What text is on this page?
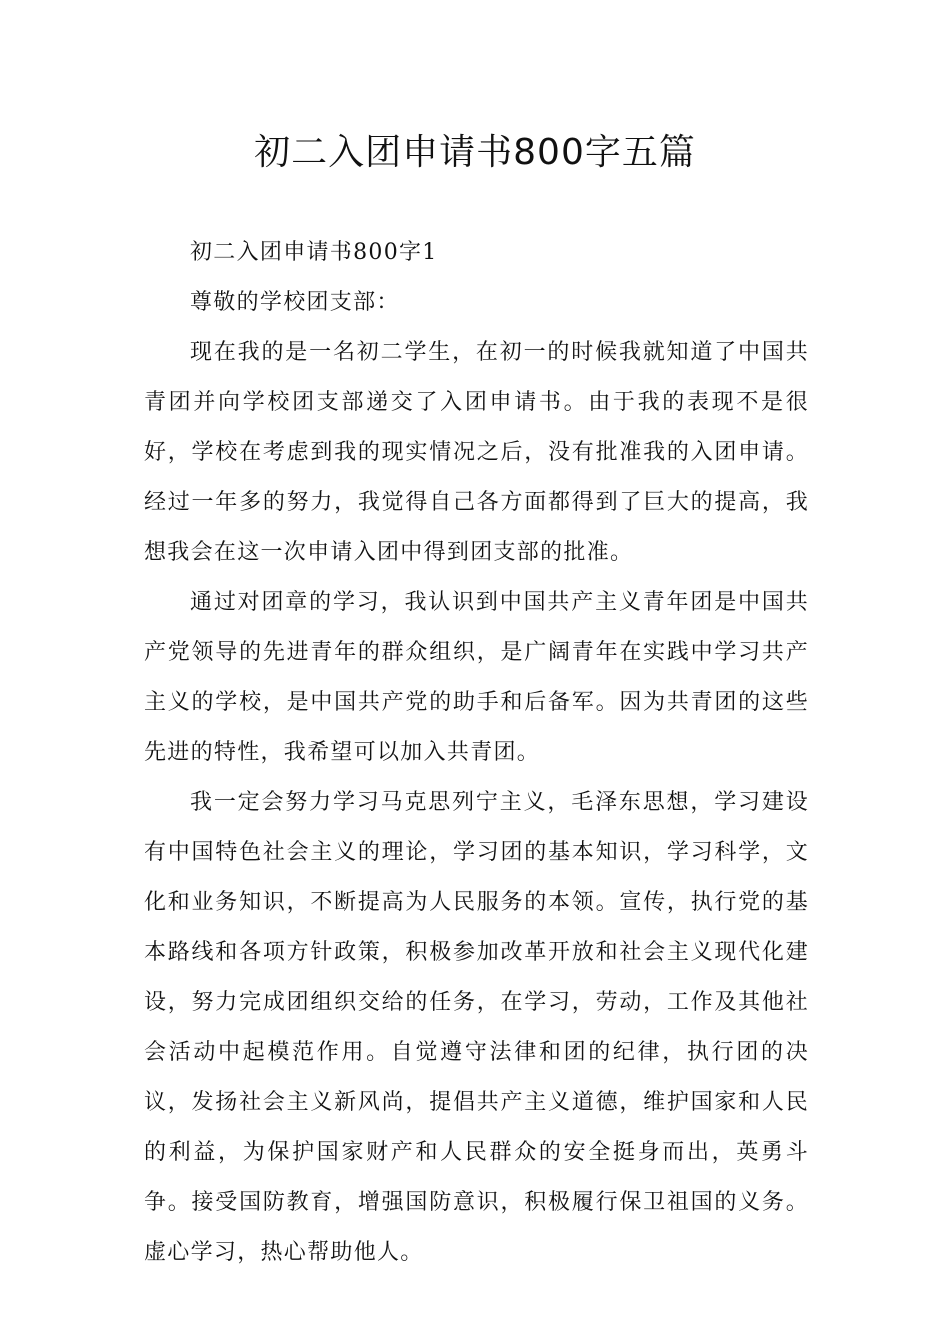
初二入团申请书800字五篇

初二入团申请书800字1

尊敬的学校团支部：

现在我的是一名初二学生，在初一的时候我就知道了中国共青团并向学校团支部递交了入团申请书。由于我的表现不是很好，学校在考虑到我的现实情况之后，没有批准我的入团申请。经过一年多的努力，我觉得自己各方面都得到了巨大的提高，我想我会在这一次申请入团中得到团支部的批准。

通过对团章的学习，我认识到中国共产主义青年团是中国共产党领导的先进青年的群众组织，是广阔青年在实践中学习共产主义的学校，是中国共产党的助手和后备军。因为共青团的这些先进的特性，我希望可以加入共青团。

我一定会努力学习马克思列宁主义，毛泽东思想，学习建设有中国特色社会主义的理论，学习团的基本知识，学习科学，文化和业务知识，不断提高为人民服务的本领。宣传，执行党的基本路线和各项方针政策，积极参加改革开放和社会主义现代化建设，努力完成团组织交给的任务，在学习，劳动，工作及其他社会活动中起模范作用。自觉遵守法律和团的纪律，执行团的决议，发扬社会主义新风尚，提倡共产主义道德，维护国家和人民的利益，为保护国家财产和人民群众的安全挺身而出，英勇斗争。接受国防教育，增强国防意识，积极履行保卫祖国的义务。虚心学习，热心帮助他人。
